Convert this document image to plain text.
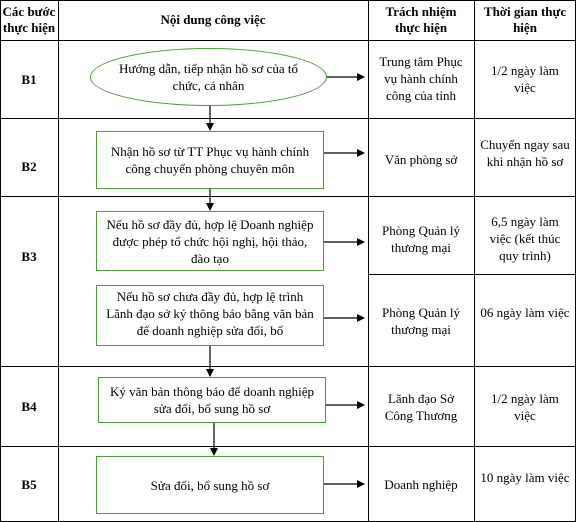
Các bước thực hiện
Nội dung công việc
Trách nhiệm thực hiện
Thời gian thực hiện
B1
B2
B3
B4
B5
Hướng dẫn, tiếp nhận hồ sơ của tổ chức, cá nhân
Nhận hồ sơ từ TT Phục vụ hành chính công chuyển phòng chuyên môn
Nếu hồ sơ đầy đủ, hợp lệ Doanh nghiệp được phép tổ chức hội nghị, hội thảo, đào tạo
Nếu hồ sơ chưa đầy đủ, hợp lệ trình Lãnh đạo sở ký thông báo bằng văn bản để doanh nghiệp sửa đổi, bổ
Ký văn bản thông báo để doanh nghiệp sửa đổi, bổ sung hồ sơ
Sửa đổi, bổ sung hồ sơ
Trung tâm Phục vụ hành chính công của tỉnh
Văn phòng sở
Phòng Quản lý thương mại
Phòng Quản lý thương mại
Lãnh đạo Sở Công Thương
Doanh nghiệp
1/2 ngày làm việc
Chuyển ngay sau khi nhận hồ sơ
6,5 ngày làm việc (kết thúc quy trình)
06 ngày làm việc
1/2 ngày làm việc
10 ngày làm việc
